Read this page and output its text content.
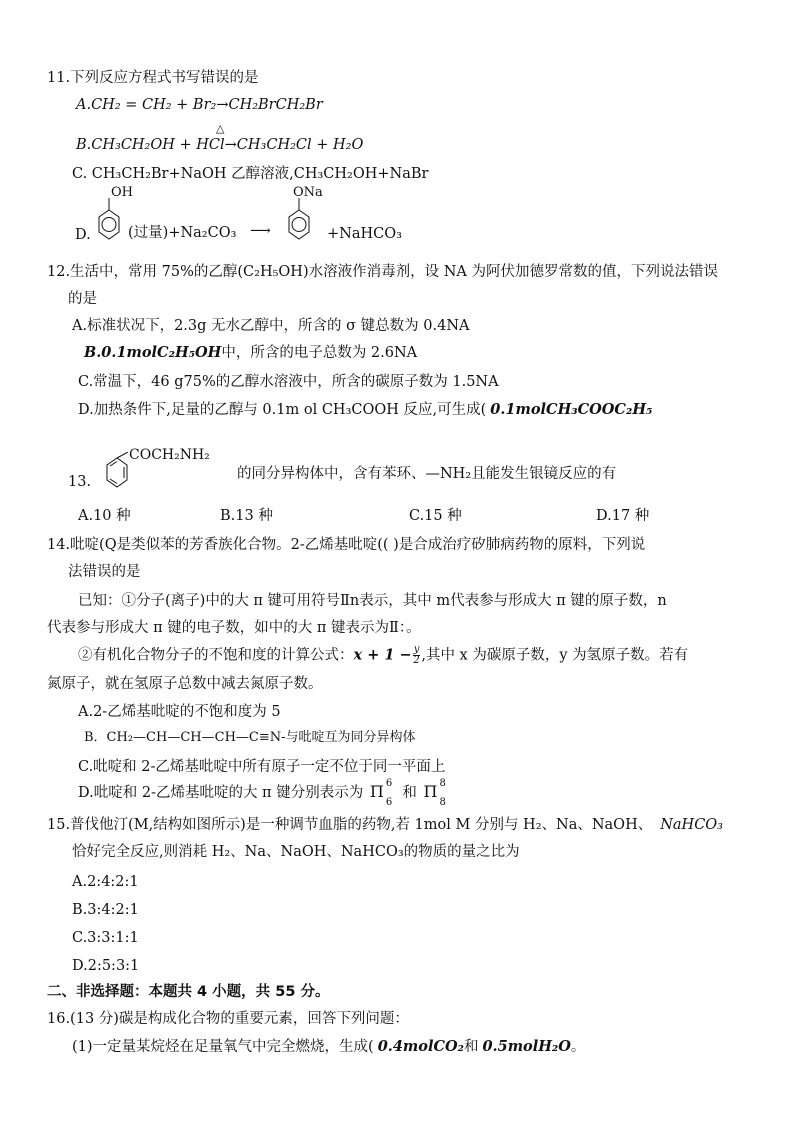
11.下列反应方程式书写错误的是
A.CH₂ = CH₂ + Br₂→CH₂BrCH₂Br
△
B.CH₃CH₂OH + HCl→CH₃CH₂Cl + H₂O
C. CH₃CH₂Br+NaOH 乙醇溶液,CH₃CH₂OH+NaBr
OH
D.	(过量)+Na₂CO₃ ⟶
ONa
+NaHCO₃
12.生活中，常用 75%的乙醇(C₂H₅OH)水溶液作消毒剂，设 NA 为阿伏加德罗常数的值，下列说法错误
的是
A.标准状况下，2.3g 无水乙醇中，所含的 σ 键总数为 0.4NA
B.0.1molC₂H₅OH中，所含的电子总数为 2.6NA
C.常温下，46 g75%的乙醇水溶液中，所含的碳原子数为 1.5NA
D.加热条件下,足量的乙醇与 0.1m ol CH₃COOH 反应,可生成( 0.1molCH₃COOC₂H₅
COCH₂NH₂
13.	的同分异构体中，含有苯环、—NH₂且能发生银镜反应的有
A.10 种	B.13 种	C.15 种	D.17 种
14.吡啶(Q是类似苯的芳香族化合物。2-乙烯基吡啶(( )是合成治疗矽肺病药物的原料，下列说
法错误的是
已知：①分子(离子)中的大 π 键可用符号Ⅱn表示，其中 m代表参与形成大 π 键的原子数，n
代表参与形成大 π 键的电子数，如中的大 π 键表示为Ⅱ：。
②有机化合物分子的不饱和度的计算公式：$x + 1 - \frac{y}{2}$ ,其中 x 为碳原子数，y 为氢原子数。若有
氮原子，就在氢原子总数中减去氮原子数。
A.2-乙烯基吡啶的不饱和度为 5
B．CH₂—CH—CH—CH—C≡N-与吡啶互为同分异构体
C.吡啶和 2-乙烯基吡啶中所有原子一定不位于同一平面上
D.吡啶和 2-乙烯基吡啶的大 π 键分别表示为 Π 6
6
和 Π 8
8
15.普伐他汀(M,结构如图所示)是一种调节血脂的药物,若 1mol M 分别与 H₂、Na、NaOH、 NaHCO₃
恰好完全反应,则消耗 H₂、Na、NaOH、NaHCO₃的物质的量之比为
A.2:4:2:1
B.3:4:2:1
C.3:3:1:1
D.2:5:3:1
二、非选择题：本题共 4 小题，共 55 分。
16.(13 分)碳是构成化合物的重要元素，回答下列问题：
(1)一定量某烷烃在足量氧气中完全燃烧，生成( 0.4molCO₂和 0.5molH₂O。
